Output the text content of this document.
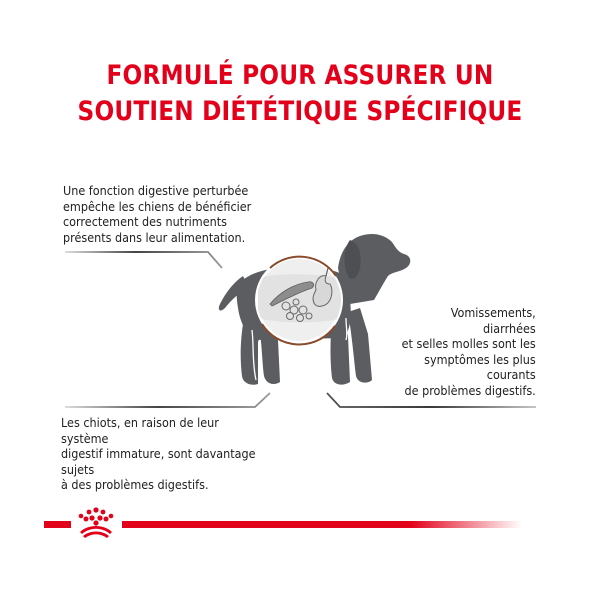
FORMULÉ POUR ASSURER UN
SOUTIEN DIÉTÉTIQUE SPÉCIFIQUE
Une fonction digestive perturbée
empêche les chiens de bénéficier
correctement des nutriments
présents dans leur alimentation.
Vomissements,
diarrhées
et selles molles sont les
symptômes les plus
courants
de problèmes digestifs.
Les chiots, en raison de leur
système
digestif immature, sont davantage
sujets
à des problèmes digestifs.
